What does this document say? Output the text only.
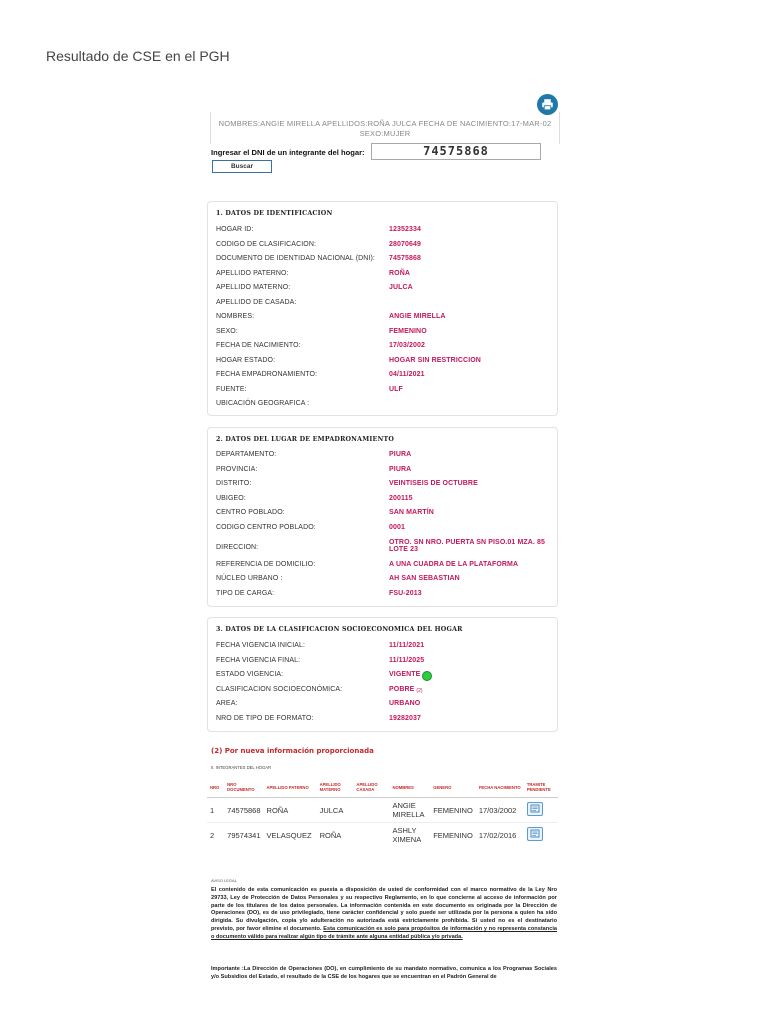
Resultado de CSE en el PGH
NOMBRES:ANGIE MIRELLA APELLIDOS:ROÑA JULCA FECHA DE NACIMIENTO:17-MAR-02
SEXO:MUJER
Ingresar el DNI de un integrante del hogar:	74575868
Buscar
1. DATOS DE IDENTIFICACION
HOGAR ID:	12352334
CODIGO DE CLASIFICACION:	28070649
DOCUMENTO DE IDENTIDAD NACIONAL (DNI): 74575868
APELLIDO PATERNO:	ROÑA
APELLIDO MATERNO:	JULCA
APELLIDO DE CASADA:
NOMBRES:	ANGIE MIRELLA
SEXO:	FEMENINO
FECHA DE NACIMIENTO:	17/03/2002
HOGAR ESTADO:	HOGAR SIN RESTRICCION
FECHA EMPADRONAMIENTO:	04/11/2021
FUENTE:	ULF
UBICACIÓN GEOGRAFICA :
2. DATOS DEL LUGAR DE EMPADRONAMIENTO
DEPARTAMENTO:	PIURA
PROVINCIA:	PIURA
DISTRITO:	VEINTISEIS DE OCTUBRE
UBIGEO:	200115
CENTRO POBLADO:	SAN MARTÍN
CODIGO CENTRO POBLADO:	0001
DIRECCION:
OTRO. SN NRO. PUERTA SN PISO.01 MZA. 85 LOTE 23
REFERENCIA DE DOMICILIO:	A UNA CUADRA DE LA PLATAFORMA
NÚCLEO URBANO :	AH SAN SEBASTIAN
TIPO DE CARGA:	FSU-2013
3. DATOS DE LA CLASIFICACION SOCIOECONOMICA DEL HOGAR
FECHA VIGENCIA INICIAL:	11/11/2021
FECHA VIGENCIA FINAL:	11/11/2025
ESTADO VIGENCIA:	VIGENTE
CLASIFICACION SOCIOECONÓMICA:	POBRE (2)
AREA:	URBANO
NRO DE TIPO DE FORMATO:	19282037
(2) Por nueva información proporcionada
II. INTEGRANTES DEL HOGAR
NRO	NRO DOCUMENTO	APELLIDO PATERNO	APELLIDO MATERNO	APELLIDO CASADA	NOMBRES	GENERO	FECHA NACIMIENTO	TRAMITE PENDIENTE
1	74575868	ROÑA	JULCA		ANGIE MIRELLA	FEMENINO	17/03/2002	

2	79574341	VELASQUEZ	ROÑA		ASHLY XIMENA	FEMENINO	17/02/2016	
AVISO LEGAL
El contenido de esta comunicación es puesta a disposición de usted de conformidad con el marco normativo de la Ley Nro 29733, Ley de Protección de Datos Personales y su respectivo Reglamento, en lo que concierne al acceso de información por parte de los titulares de los datos personales. La información contenida en este documento es originada por la Dirección de Operaciones (DO), es de uso privilegiado, tiene carácter confidencial y solo puede ser utilizada por la persona a quien ha sido dirigida. Su divulgación, copia y/o adulteración no autorizada está estrictamente prohibida. Si usted no es el destinatario previsto, por favor elimine el documento. Esta comunicación es solo para propósitos de información y no representa constancia o documento válido para realizar algún tipo de trámite ante alguna entidad pública y/o privada.
Importante :La Dirección de Operaciones (DO), en cumplimiento de su mandato normativo, comunica a los Programas Sociales y/o Subsidios del Estado, el resultado de la CSE de los hogares que se encuentran en el Padrón General de
